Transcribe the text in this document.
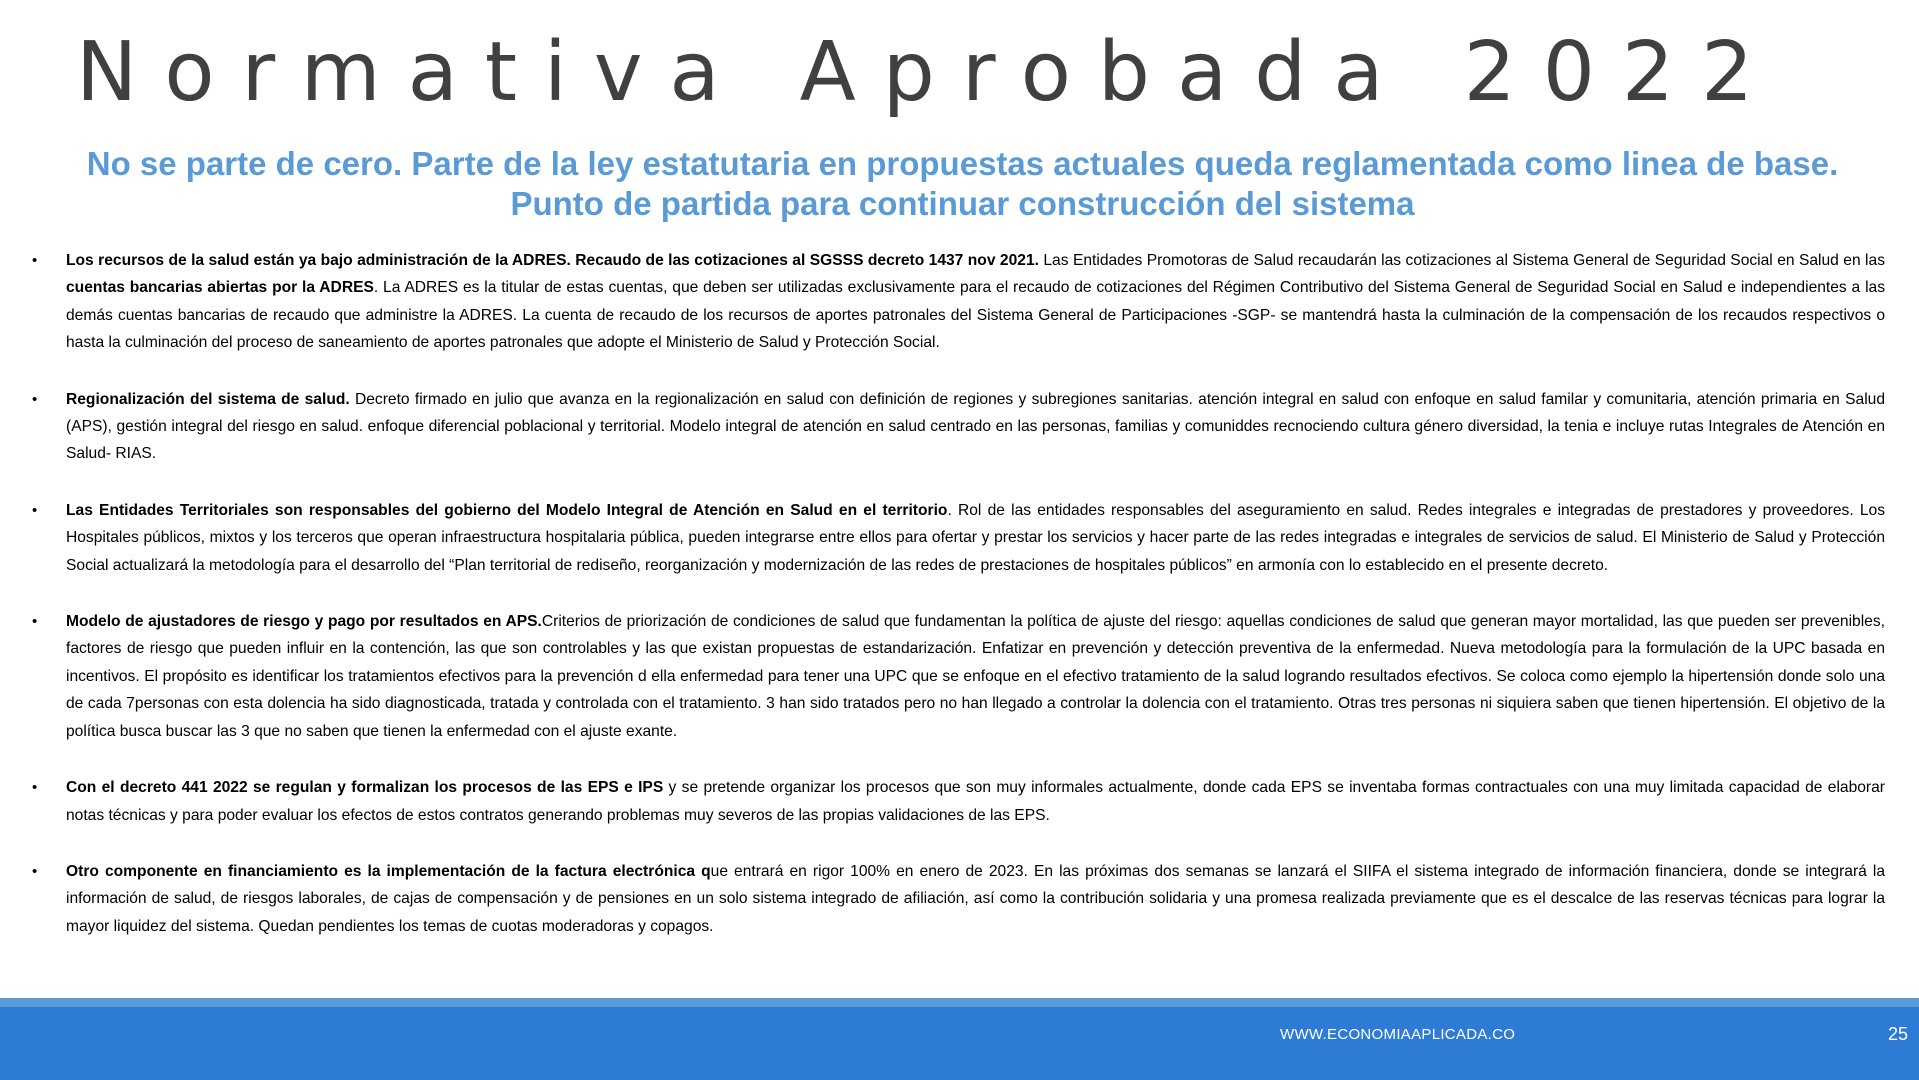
Normativa Aprobada 2022
No se parte de cero. Parte de la ley estatutaria en propuestas actuales queda reglamentada como linea de base.
Punto de partida para continuar construcción del sistema
• Los recursos de la salud están ya bajo administración de la ADRES. Recaudo de las cotizaciones al SGSSS decreto 1437 nov 2021. Las Entidades Promotoras de Salud recaudarán las cotizaciones al Sistema General de Seguridad Social en Salud en las cuentas bancarias abiertas por la ADRES. La ADRES es la titular de estas cuentas, que deben ser utilizadas exclusivamente para el recaudo de cotizaciones del Régimen Contributivo del Sistema General de Seguridad Social en Salud e independientes a las demás cuentas bancarias de recaudo que administre la ADRES. La cuenta de recaudo de los recursos de aportes patronales del Sistema General de Participaciones -SGP- se mantendrá hasta la culminación de la compensación de los recaudos respectivos o hasta la culminación del proceso de saneamiento de aportes patronales que adopte el Ministerio de Salud y Protección Social.
• Regionalización del sistema de salud. Decreto firmado en julio que avanza en la regionalización en salud con definición de regiones y subregiones sanitarias. atención integral en salud con enfoque en salud familar y comunitaria, atención primaria en Salud (APS), gestión integral del riesgo en salud. enfoque diferencial poblacional y territorial. Modelo integral de atención en salud centrado en las personas, familias y comuniddes recnociendo cultura género diversidad, la tenia e incluye rutas Integrales de Atención en Salud- RIAS.
• Las Entidades Territoriales son responsables del gobierno del Modelo Integral de Atención en Salud en el territorio. Rol de las entidades responsables del aseguramiento en salud. Redes integrales e integradas de prestadores y proveedores. Los Hospitales públicos, mixtos y los terceros que operan infraestructura hospitalaria pública, pueden integrarse entre ellos para ofertar y prestar los servicios y hacer parte de las redes integradas e integrales de servicios de salud. El Ministerio de Salud y Protección Social actualizará la metodología para el desarrollo del “Plan territorial de rediseño, reorganización y modernización de las redes de prestaciones de hospitales públicos” en armonía con lo establecido en el presente decreto.
• Modelo de ajustadores de riesgo y pago por resultados en APS.Criterios de priorización de condiciones de salud que fundamentan la política de ajuste del riesgo: aquellas condiciones de salud que generan mayor mortalidad, las que pueden ser prevenibles, factores de riesgo que pueden influir en la contención, las que son controlables y las que existan propuestas de estandarización. Enfatizar en prevención y detección preventiva de la enfermedad. Nueva metodología para la formulación de la UPC basada en incentivos. El propósito es identificar los tratamientos efectivos para la prevención d ella enfermedad para tener una UPC que se enfoque en el efectivo tratamiento de la salud logrando resultados efectivos. Se coloca como ejemplo la hipertensión donde solo una de cada 7personas con esta dolencia ha sido diagnosticada, tratada y controlada con el tratamiento. 3 han sido tratados pero no han llegado a controlar la dolencia con el tratamiento. Otras tres personas ni siquiera saben que tienen hipertensión. El objetivo de la política busca buscar las 3 que no saben que tienen la enfermedad con el ajuste exante.
• Con el decreto 441 2022 se regulan y formalizan los procesos de las EPS e IPS y se pretende organizar los procesos que son muy informales actualmente, donde cada EPS se inventaba formas contractuales con una muy limitada capacidad de elaborar notas técnicas y para poder evaluar los efectos de estos contratos generando problemas muy severos de las propias validaciones de las EPS.
• Otro componente en financiamiento es la implementación de la factura electrónica que entrará en rigor 100% en enero de 2023. En las próximas dos semanas se lanzará el SIIFA el sistema integrado de información financiera, donde se integrará la información de salud, de riesgos laborales, de cajas de compensación y de pensiones en un solo sistema integrado de afiliación, así como la contribución solidaria y una promesa realizada previamente que es el descalce de las reservas técnicas para lograr la mayor liquidez del sistema. Quedan pendientes los temas de cuotas moderadoras y copagos.
WWW.ECONOMIAAPLICADA.CO	25
